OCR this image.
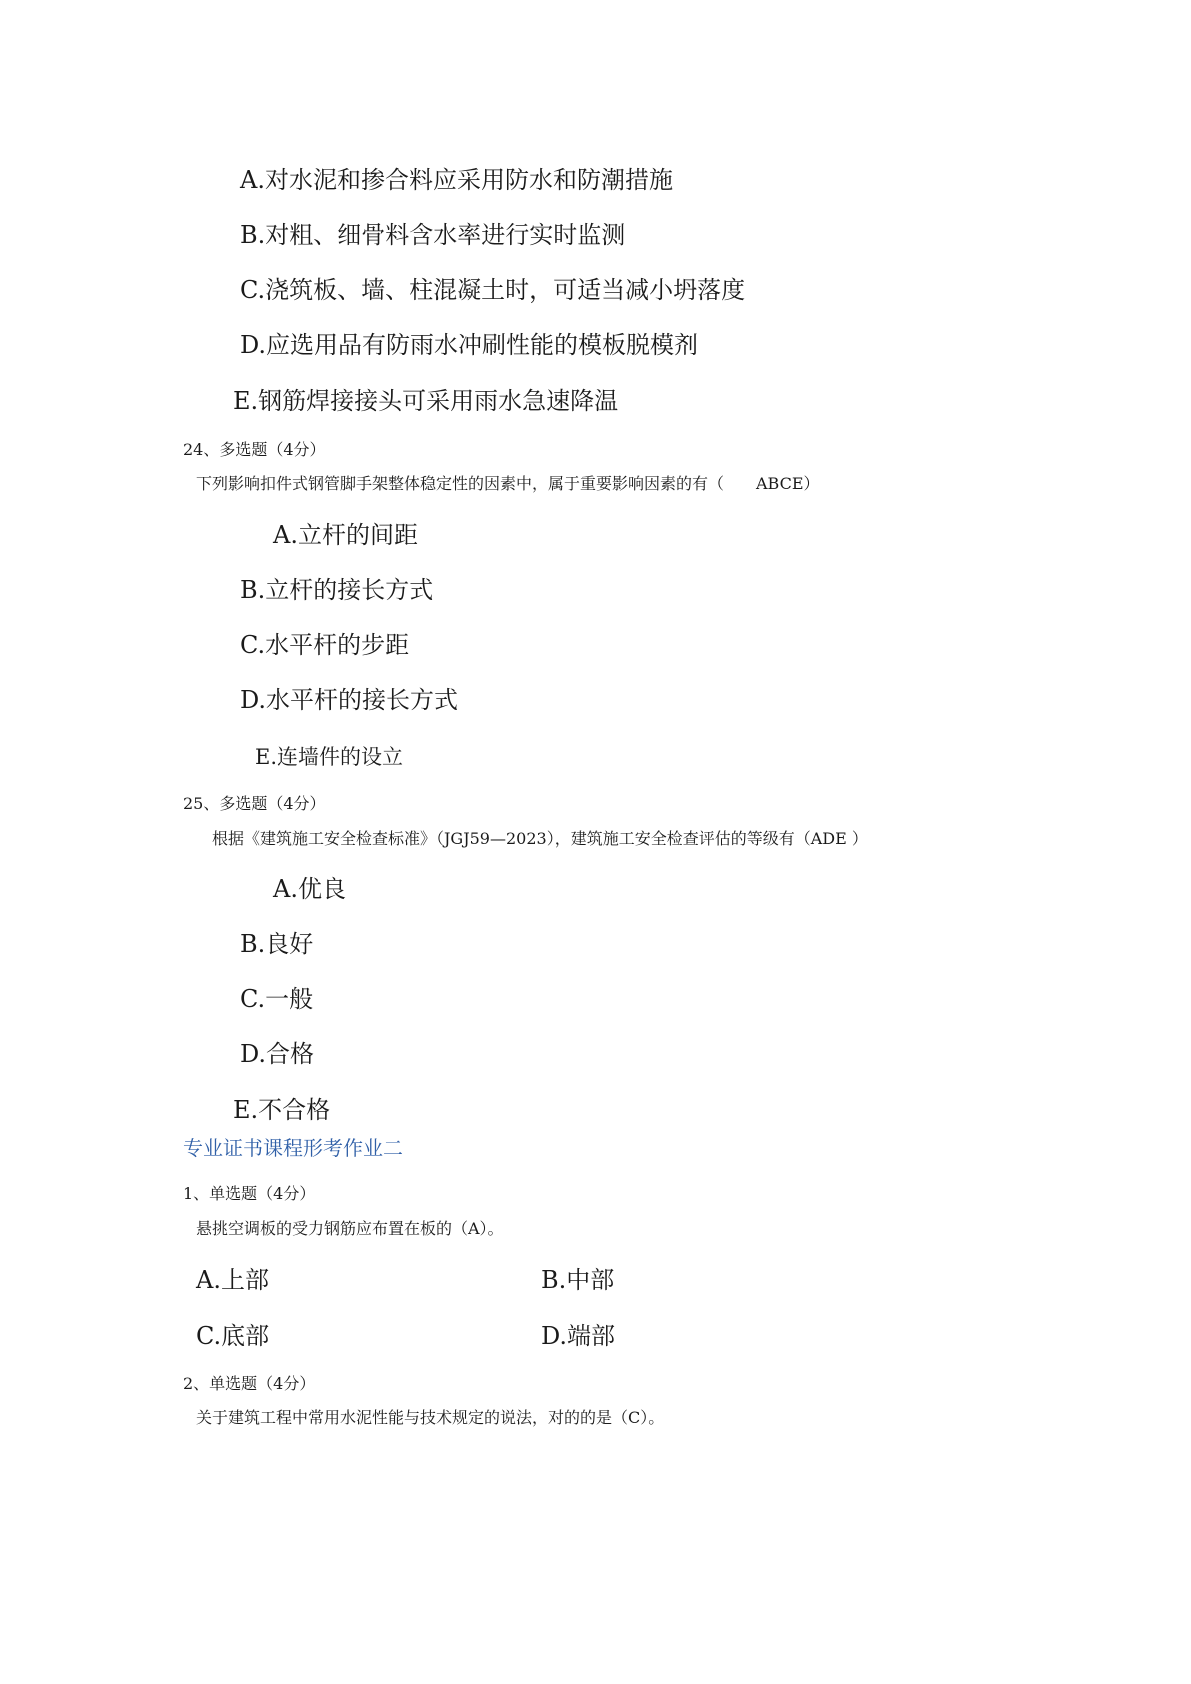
A.对水泥和掺合料应采用防水和防潮措施
B.对粗、细骨料含水率进行实时监测
C.浇筑板、墙、柱混凝土时，可适当减小坍落度
D.应选用品有防雨水冲刷性能的模板脱模剂
E.钢筋焊接接头可采用雨水急速降温
24、多选题（4分）
下列影响扣件式钢管脚手架整体稳定性的因素中，属于重要影响因素的有（　　ABCE）
A.立杆的间距
B.立杆的接长方式
C.水平杆的步距
D.水平杆的接长方式
E.连墙件的设立
25、多选题（4分）
根据《建筑施工安全检查标准》（JGJ59—2023），建筑施工安全检查评估的等级有（ADE ）
A.优良
B.良好
C.一般
D.合格
E.不合格
专业证书课程形考作业二
1、单选题（4分）
悬挑空调板的受力钢筋应布置在板的（A）。
A.上部	B.中部
C.底部	D.端部
2、单选题（4分）
关于建筑工程中常用水泥性能与技术规定的说法，对的的是（C）。
